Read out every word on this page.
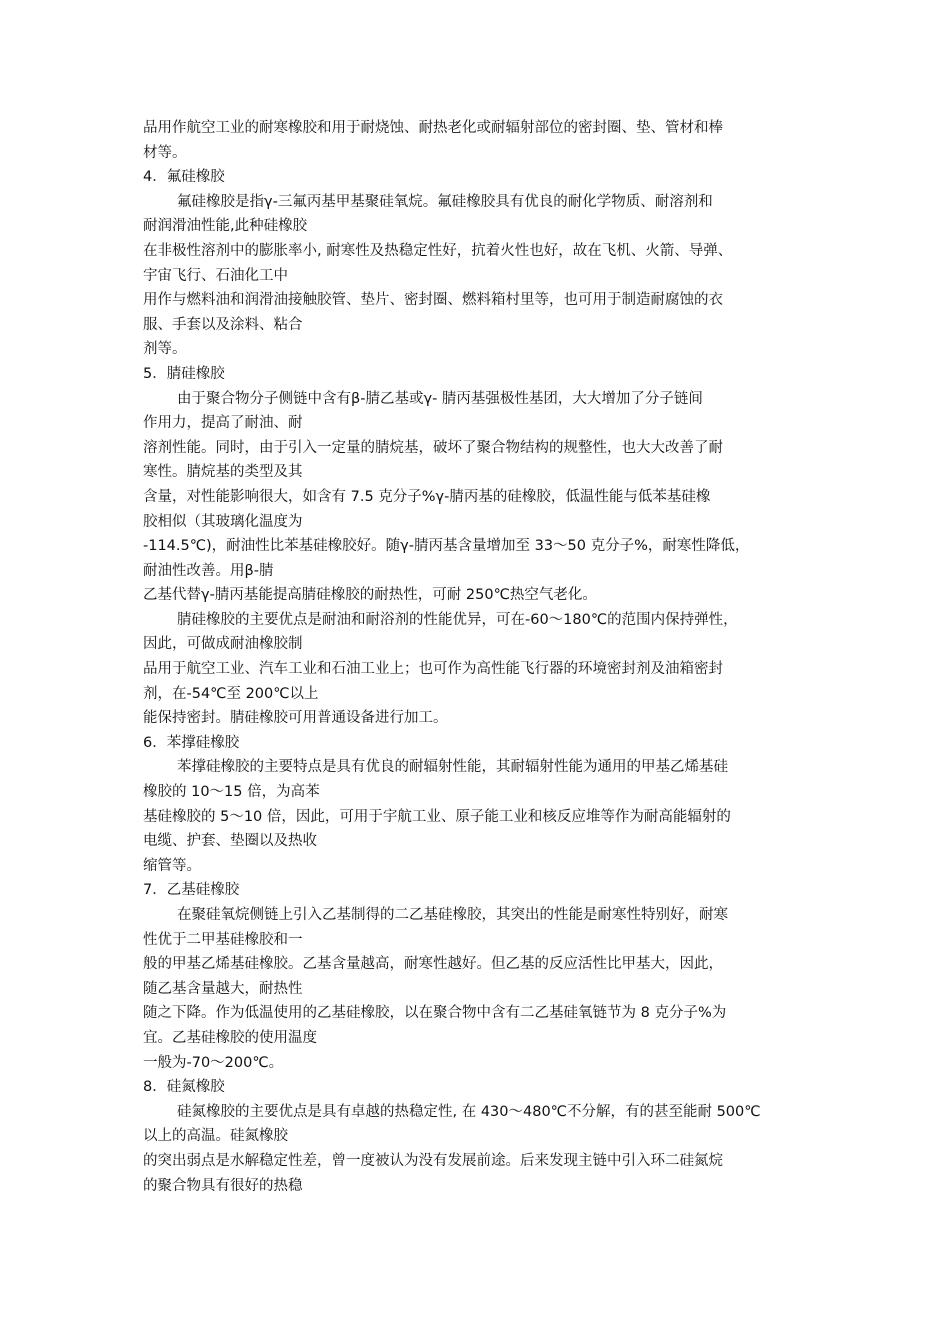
品用作航空工业的耐寒橡胶和用于耐烧蚀、耐热老化或耐辐射部位的密封圈、垫、管材和棒
材等。
4．氟硅橡胶
氟硅橡胶是指γ-三氟丙基甲基聚硅氧烷。氟硅橡胶具有优良的耐化学物质、耐溶剂和
耐润滑油性能,此种硅橡胶
在非极性溶剂中的膨胀率小, 耐寒性及热稳定性好，抗着火性也好，故在飞机、火箭、导弹、
宇宙飞行、石油化工中
用作与燃料油和润滑油接触胶管、垫片、密封圈、燃料箱村里等，也可用于制造耐腐蚀的衣
服、手套以及涂料、粘合
剂等。
5．腈硅橡胶
由于聚合物分子侧链中含有β-腈乙基或γ- 腈丙基强极性基团，大大增加了分子链间
作用力，提高了耐油、耐
溶剂性能。同时，由于引入一定量的腈烷基，破坏了聚合物结构的规整性，也大大改善了耐
寒性。腈烷基的类型及其
含量，对性能影响很大，如含有 7.5 克分子%γ-腈丙基的硅橡胶，低温性能与低苯基硅橡
胶相似（其玻璃化温度为
-114.5℃)，耐油性比苯基硅橡胶好。随γ-腈丙基含量增加至 33～50 克分子%，耐寒性降低，
耐油性改善。用β-腈
乙基代替γ-腈丙基能提高腈硅橡胶的耐热性，可耐 250℃热空气老化。
腈硅橡胶的主要优点是耐油和耐浴剂的性能优异，可在-60～180℃的范围内保持弹性，
因此，可做成耐油橡胶制
品用于航空工业、汽车工业和石油工业上；也可作为高性能飞行器的环境密封剂及油箱密封
剂，在-54℃至 200℃以上
能保持密封。腈硅橡胶可用普通设备进行加工。
6．苯撑硅橡胶
苯撑硅橡胶的主要特点是具有优良的耐辐射性能，其耐辐射性能为通用的甲基乙烯基硅
橡胶的 10～15 倍，为高苯
基硅橡胶的 5～10 倍，因此，可用于宇航工业、原子能工业和核反应堆等作为耐高能辐射的
电缆、护套、垫圈以及热收
缩管等。
7．乙基硅橡胶
在聚硅氧烷侧链上引入乙基制得的二乙基硅橡胶，其突出的性能是耐寒性特别好，耐寒
性优于二甲基硅橡胶和一
般的甲基乙烯基硅橡胶。乙基含量越高，耐寒性越好。但乙基的反应活性比甲基大，因此，
随乙基含量越大，耐热性
随之下降。作为低温使用的乙基硅橡胶，以在聚合物中含有二乙基硅氧链节为 8 克分子%为
宜。乙基硅橡胶的使用温度
一般为-70～200℃。
8．硅氮橡胶
硅氮橡胶的主要优点是具有卓越的热稳定性, 在 430～480℃不分解，有的甚至能耐 500℃
以上的高温。硅氮橡胶
的突出弱点是水解稳定性差，曾一度被认为没有发展前途。后来发现主链中引入环二硅氮烷
的聚合物具有很好的热稳
